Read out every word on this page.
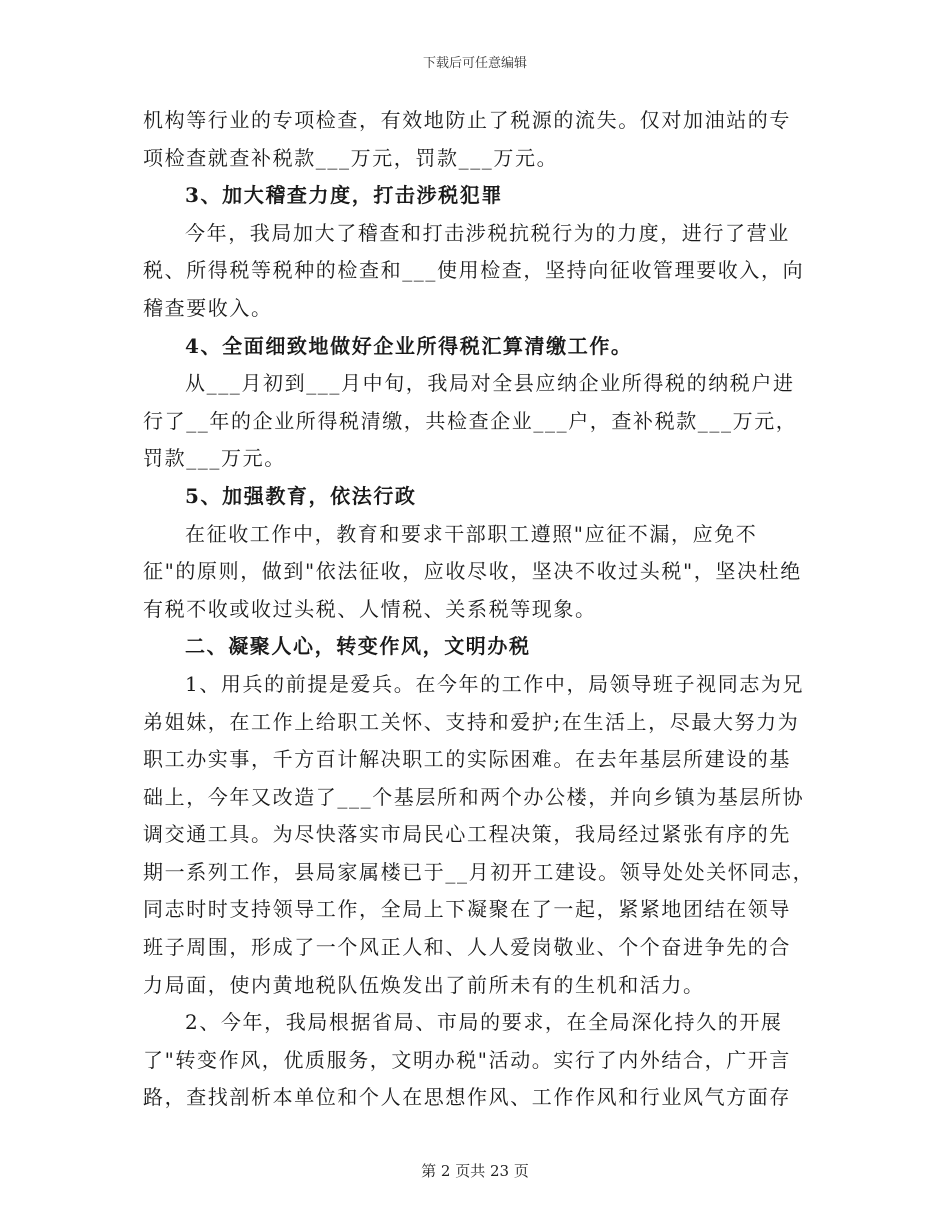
下载后可任意编辑
机构等行业的专项检查，有效地防止了税源的流失。仅对加油站的专
项检查就查补税款___万元，罚款___万元。
3、加大稽查力度，打击涉税犯罪
今年，我局加大了稽查和打击涉税抗税行为的力度，进行了营业
税、所得税等税种的检查和___使用检查，坚持向征收管理要收入，向
稽查要收入。
4、全面细致地做好企业所得税汇算清缴工作。
从___月初到___月中旬，我局对全县应纳企业所得税的纳税户进
行了__年的企业所得税清缴，共检查企业___户，查补税款___万元，
罚款___万元。
5、加强教育，依法行政
在征收工作中，教育和要求干部职工遵照"应征不漏，应免不
征"的原则，做到"依法征收，应收尽收，坚决不收过头税"，坚决杜绝
有税不收或收过头税、人情税、关系税等现象。
二、凝聚人心，转变作风，文明办税
1、用兵的前提是爱兵。在今年的工作中，局领导班子视同志为兄
弟姐妹，在工作上给职工关怀、支持和爱护;在生活上，尽最大努力为
职工办实事，千方百计解决职工的实际困难。在去年基层所建设的基
础上，今年又改造了___个基层所和两个办公楼，并向乡镇为基层所协
调交通工具。为尽快落实市局民心工程决策，我局经过紧张有序的先
期一系列工作，县局家属楼已于__月初开工建设。领导处处关怀同志，
同志时时支持领导工作，全局上下凝聚在了一起，紧紧地团结在领导
班子周围，形成了一个风正人和、人人爱岗敬业、个个奋进争先的合
力局面，使内黄地税队伍焕发出了前所未有的生机和活力。
2、今年，我局根据省局、市局的要求，在全局深化持久的开展
了"转变作风，优质服务，文明办税"活动。实行了内外结合，广开言
路，查找剖析本单位和个人在思想作风、工作作风和行业风气方面存
第 2 页共 23 页
